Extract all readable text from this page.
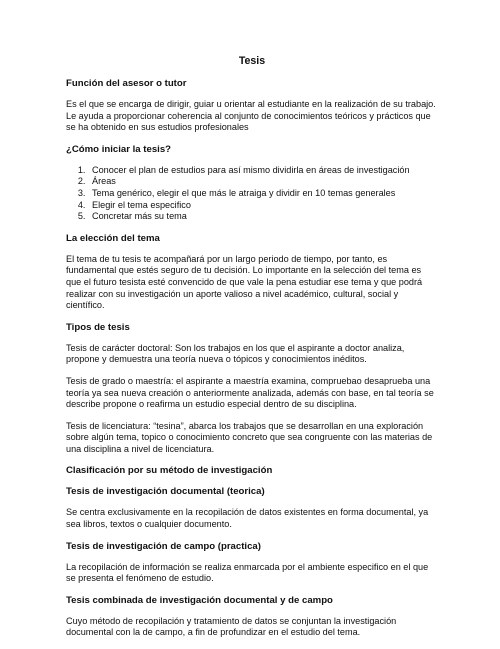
Tesis
Función del asesor o tutor
Es el que se encarga de dirigir, guiar u orientar al estudiante en la realización de su trabajo. Le ayuda a proporcionar coherencia al conjunto de conocimientos teóricos y prácticos que se ha obtenido en sus estudios profesionales
¿Cómo iniciar la tesis?
1. Conocer el plan de estudios para así mismo dividirla en áreas de investigación
2. Áreas
3. Tema genérico, elegir el que más le atraiga y dividir en 10 temas generales
4. Elegir el tema especifico
5. Concretar más su tema
La elección del tema
El tema de tu tesis te acompañará por un largo periodo de tiempo, por tanto, es fundamental que estés seguro de tu decisión. Lo importante en la selección del tema es que el futuro tesista esté convencido de que vale la pena estudiar ese tema y que podrá realizar con su investigación un aporte valioso a nivel académico, cultural, social y científico.
Tipos de tesis
Tesis de carácter doctoral: Son los trabajos en los que el aspirante a doctor analiza, propone y demuestra una teoría nueva o tópicos y conocimientos inéditos.
Tesis de grado o maestría: el aspirante a maestría examina, compruebao desaprueba una teoría ya sea nueva creación o anteriormente analizada, además con base, en tal teoría se describe propone o reafirma un estudio especial dentro de su disciplina.
Tesis de licenciatura: “tesina”, abarca los trabajos que se desarrollan en una exploración sobre algún tema, topico o conocimiento concreto que sea congruente con las materias de una disciplina a nivel de licenciatura.
Clasificación por su método de investigación
Tesis de investigación documental (teorica)
Se centra exclusivamente en la recopilación de datos existentes en forma documental, ya sea libros, textos o cualquier documento.
Tesis de investigación de campo (practica)
La recopilación de información se realiza enmarcada por el ambiente especifico en el que se presenta el fenómeno de estudio.
Tesis combinada de investigación documental y de campo
Cuyo método de recopilación y tratamiento de datos se conjuntan la investigación documental con la de campo, a fin de profundizar en el estudio del tema.
